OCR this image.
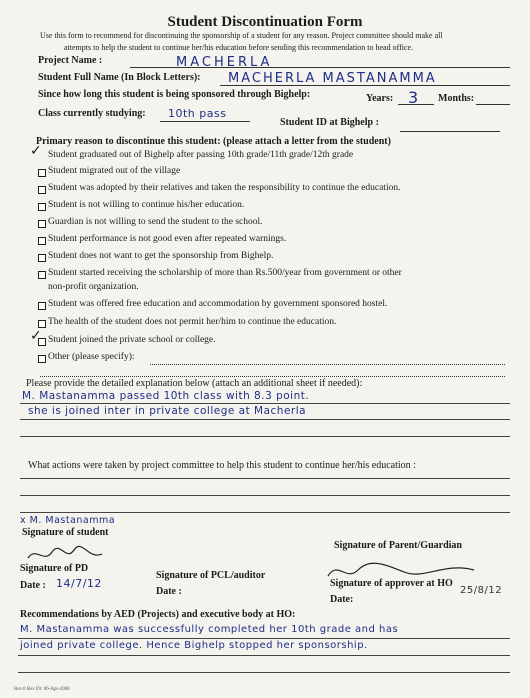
Student Discontinuation Form
Use this form to recommend for discontinuing the sponsorship of a student for any reason. Project committee should make all
attempts to help the student to continue her/his education before sending this recommendation to head office.
Project Name :	MACHERLA
Student Full Name (In Block Letters): MACHERLA MASTANAMMA
Since how long this student is being sponsored through Bighelp:	Years: 3 Months:
Class currently studying: 10th pass
Student ID at Bighelp :
Primary reason to discontinue this student: (please attach a letter from the student)
✓ Student graduated out of Bighelp after passing 10th grade/11th grade/12th grade
Student migrated out of the village
Student was adopted by their relatives and taken the responsibility to continue the education.
Student is not willing to continue his/her education.
Guardian is not willing to send the student to the school.
Student performance is not good even after repeated warnings.
Student does not want to get the sponsorship from Bighelp.
Student started receiving the scholarship of more than Rs.500/year from government or other
non-profit organization.
Student was offered free education and accommodation by government sponsored hostel.
The health of the student does not permit her/him to continue the education.
✓ Student joined the private school or college.
Other (please specify):
Please provide the detailed explanation below (attach an additional sheet if needed):
M. Mastanamma passed 10th class with 8.3 point.
she is joined inter in private college at Macherla
What actions were taken by project committee to help this student to continue her/his education :
x M. Mastanamma
Signature of student
Signature of PD
Date : 14/7/12
Signature of PCL/auditor
Date :
Signature of Parent/Guardian
Signature of approver at HO
25/8/12
Date:
Recommendations by AED (Projects) and executive body at HO:
M. Mastanamma was successfully completed her 10th grade and has
joined private college. Hence Bighelp stopped her sponsorship.
Rev.0 Rev Dt: 06-Apr-2008
